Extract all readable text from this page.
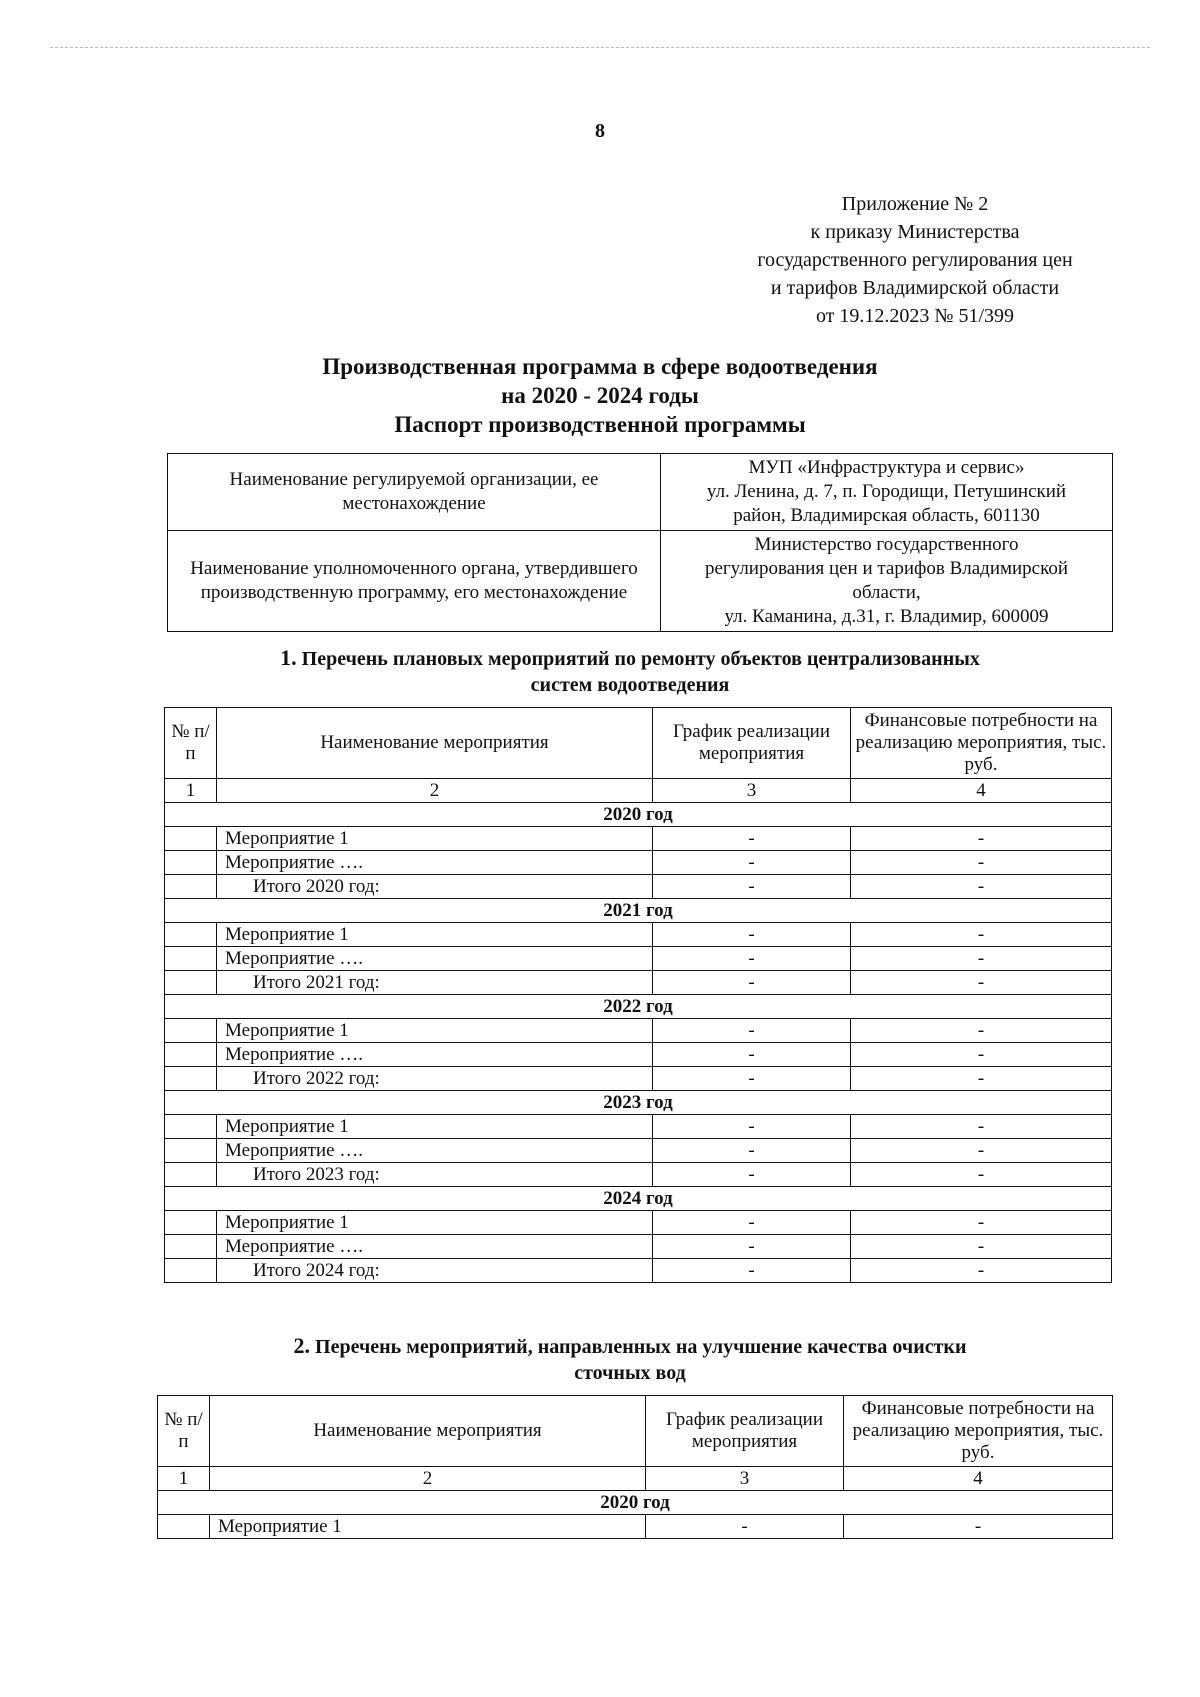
8
Приложение № 2
к приказу Министерства
государственного регулирования цен
и тарифов Владимирской области
от 19.12.2023 № 51/399
Производственная программа в сфере водоотведения
на 2020 - 2024 годы
Паспорт производственной программы
Наименование регулируемой организации, ее местонахождение	МУП «Инфраструктура и сервис»
ул. Ленина, д. 7, п. Городищи, Петушинский
район, Владимирская область, 601130

Наименование уполномоченного органа, утвердившего производственную программу, его местонахождение	Министерство государственного
регулирования цен и тарифов Владимирской
области,
ул. Каманина, д.31, г. Владимир, 600009
1. Перечень плановых мероприятий по ремонту объектов централизованных
систем водоотведения
№ п/п	Наименование мероприятия	График реализации мероприятия	Финансовые потребности на реализацию мероприятия, тыс. руб.
1	2	3	4
2020 год			
	Мероприятие 1	-	-
	Мероприятие ….	-	-
	Итого 2020 год:	-	-
2021 год			
	Мероприятие 1	-	-
	Мероприятие ….	-	-
	Итого 2021 год:	-	-
2022 год			
	Мероприятие 1	-	-
	Мероприятие ….	-	-
	Итого 2022 год:	-	-
2023 год			
	Мероприятие 1	-	-
	Мероприятие ….	-	-
	Итого 2023 год:	-	-
2024 год			
	Мероприятие 1	-	-
	Мероприятие ….	-	-
	Итого 2024 год:	-	-
2. Перечень мероприятий, направленных на улучшение качества очистки
сточных вод
№ п/п	Наименование мероприятия	График реализации мероприятия	Финансовые потребности на реализацию мероприятия, тыс. руб.
1	2	3	4
2020 год			
	Мероприятие 1	-	-
